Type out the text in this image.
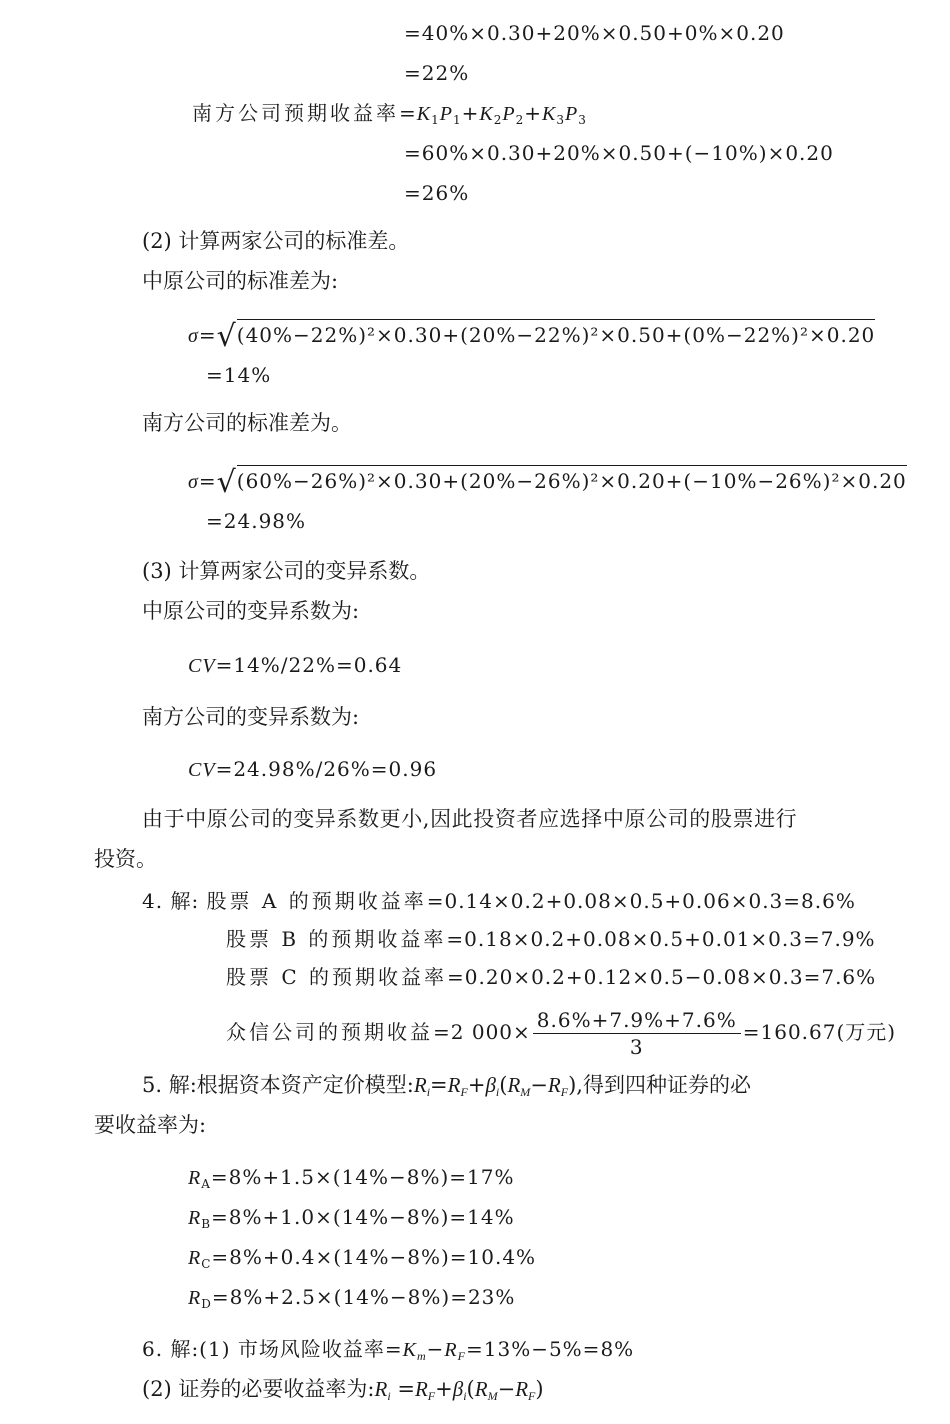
=40%×0.30+20%×0.50+0%×0.20
=22%
南方公司预期收益率$=K_1P_1+K_2P_2+K_3P_3$
=60%×0.30+20%×0.50+(−10%)×0.20
=26%
(2) 计算两家公司的标准差。
中原公司的标准差为:
σ=√(40%−22%)²×0.30+(20%−22%)²×0.50+(0%−22%)²×0.20
=14%
南方公司的标准差为。
σ=√(60%−26%)²×0.30+(20%−26%)²×0.20+(−10%−26%)²×0.20
=24.98%
(3) 计算两家公司的变异系数。
中原公司的变异系数为:
CV=14%/22%=0.64
南方公司的变异系数为:
CV=24.98%/26%=0.96
由于中原公司的变异系数更小,因此投资者应选择中原公司的股票进行
投资。
4. 解: 股票 A 的预期收益率=0.14×0.2+0.08×0.5+0.06×0.3=8.6%
股票 B 的预期收益率=0.18×0.2+0.08×0.5+0.01×0.3=7.9%
股票 C 的预期收益率=0.20×0.2+0.12×0.5−0.08×0.3=7.6%
众信公司的预期收益=2 $000\times \frac{8.6\%+7.9\%+7.6\%}{3} =160.67$(万元)
5. 解:根据资本资产定价模型$:R_i=R_F+\beta_i(R_M-R_F)$,得到四种证券的必
要收益率为:
$R_A=8\%+1.5\times(14\%-8\%)=17\%$
$R_B=8\%+1.0\times(14\%-8\%)=14\%$
$R_C=8\%+0.4\times(14\%-8\%)=10.4\%$
$R_D=8\%+2.5\times(14\%-8\%)=23\%$
6. 解:(1) 市场风险收益率$=K_m-R_F=13\%-5\%=8\%$
(2) 证券的必要收益率为$:R_i =R_F+\beta_i(R_M-R_F)$
